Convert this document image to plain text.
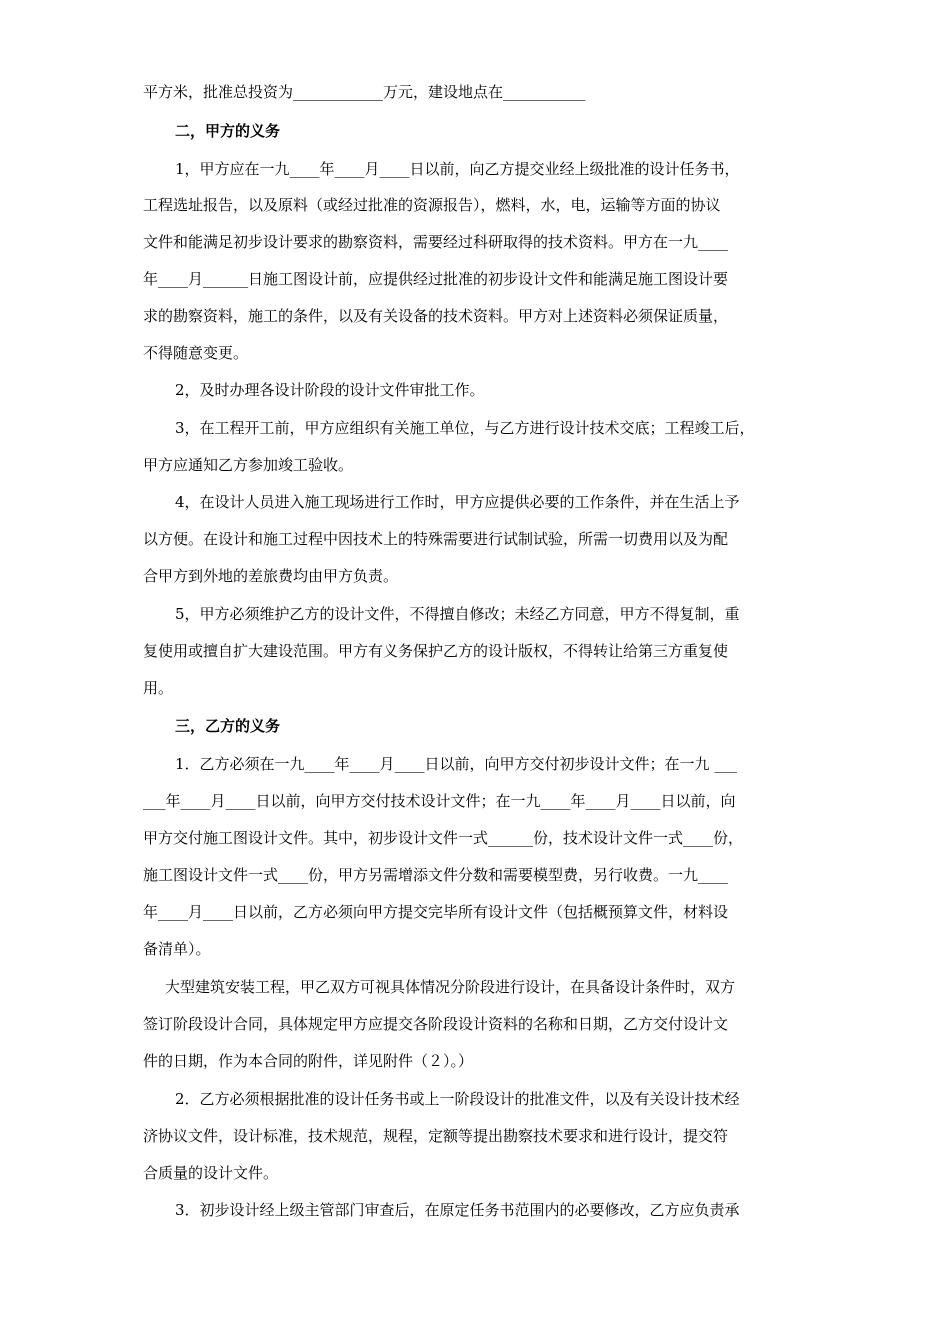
平方米，批准总投资为____________万元，建设地点在___________
二，甲方的义务
1，甲方应在一九____年____月____日以前，向乙方提交业经上级批准的设计任务书，
工程选址报告，以及原料（或经过批准的资源报告），燃料，水，电，运输等方面的协议
文件和能满足初步设计要求的勘察资料，需要经过科研取得的技术资料。甲方在一九____
年____月______日施工图设计前，应提供经过批准的初步设计文件和能满足施工图设计要
求的勘察资料，施工的条件，以及有关设备的技术资料。甲方对上述资料必须保证质量，
不得随意变更。
2，及时办理各设计阶段的设计文件审批工作。
3，在工程开工前，甲方应组织有关施工单位，与乙方进行设计技术交底；工程竣工后，
甲方应通知乙方参加竣工验收。
4，在设计人员进入施工现场进行工作时，甲方应提供必要的工作条件，并在生活上予
以方便。在设计和施工过程中因技术上的特殊需要进行试制试验，所需一切费用以及为配
合甲方到外地的差旅费均由甲方负责。
5，甲方必须维护乙方的设计文件，不得擅自修改；未经乙方同意，甲方不得复制，重
复使用或擅自扩大建设范围。甲方有义务保护乙方的设计版权，不得转让给第三方重复使
用。
三，乙方的义务
1．乙方必须在一九____年____月____日以前，向甲方交付初步设计文件；在一九 ___
___年____月____日以前，向甲方交付技术设计文件；在一九____年____月____日以前，向
甲方交付施工图设计文件。其中，初步设计文件一式______份，技术设计文件一式____份，
施工图设计文件一式____份，甲方另需增添文件分数和需要模型费，另行收费。一九____
年____月____日以前，乙方必须向甲方提交完毕所有设计文件（包括概预算文件，材料设
备清单）。
大型建筑安装工程，甲乙双方可视具体情况分阶段进行设计，在具备设计条件时，双方
签订阶段设计合同，具体规定甲方应提交各阶段设计资料的名称和日期，乙方交付设计文
件的日期，作为本合同的附件，详见附件（２）。）
2．乙方必须根据批准的设计任务书或上一阶段设计的批准文件，以及有关设计技术经
济协议文件，设计标准，技术规范，规程，定额等提出勘察技术要求和进行设计，提交符
合质量的设计文件。
3．初步设计经上级主管部门审查后，在原定任务书范围内的必要修改，乙方应负责承
